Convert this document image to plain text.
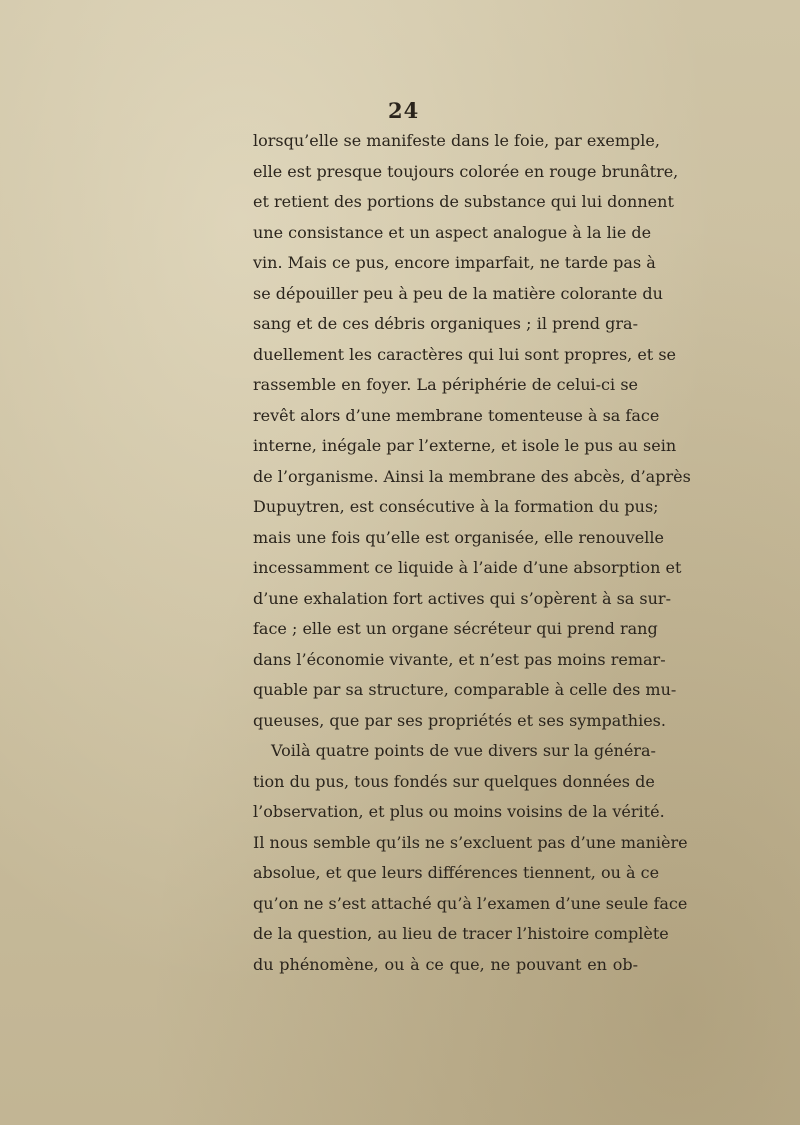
24
lorsqu’elle se manifeste dans le foie, par exemple,
elle est presque toujours colorée en rouge brunâtre,
et retient des portions de substance qui lui donnent
une consistance et un aspect analogue à la lie de
vin. Mais ce pus, encore imparfait, ne tarde pas à
se dépouiller peu à peu de la matière colorante du
sang et de ces débris organiques ; il prend gra-
duellement les caractères qui lui sont propres, et se
rassemble en foyer. La périphérie de celui-ci se
revêt alors d’une membrane tomenteuse à sa face
interne, inégale par l’externe, et isole le pus au sein
de l’organisme. Ainsi la membrane des abcès, d’après
Dupuytren, est consécutive à la formation du pus;
mais une fois qu’elle est organisée, elle renouvelle
incessamment ce liquide à l’aide d’une absorption et
d’une exhalation fort actives qui s’opèrent à sa sur-
face ; elle est un organe sécréteur qui prend rang
dans l’économie vivante, et n’est pas moins remar-
quable par sa structure, comparable à celle des mu-
queuses, que par ses propriétés et ses sympathies.
Voilà quatre points de vue divers sur la généra-
tion du pus, tous fondés sur quelques données de
l’observation, et plus ou moins voisins de la vérité.
Il nous semble qu’ils ne s’excluent pas d’une manière
absolue, et que leurs différences tiennent, ou à ce
qu’on ne s’est attaché qu’à l’examen d’une seule face
de la question, au lieu de tracer l’histoire complète
du phénomène, ou à ce que, ne pouvant en ob-
